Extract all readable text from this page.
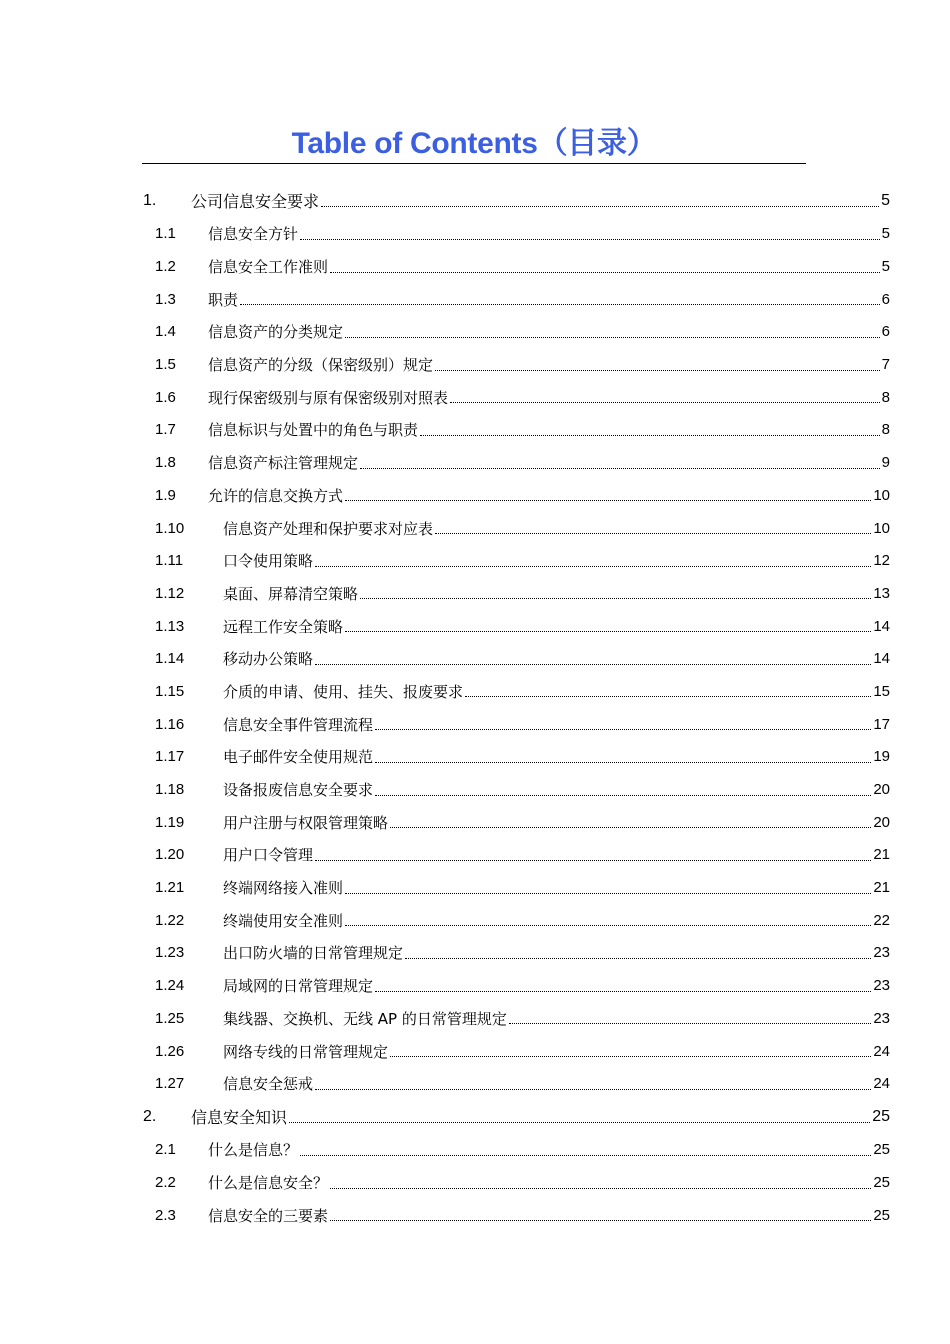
Table of Contents（目录）
1.	公司信息安全要求	5
1.1	信息安全方针	5
1.2	信息安全工作准则	5
1.3	职责	6
1.4	信息资产的分类规定	6
1.5	信息资产的分级（保密级别）规定	7
1.6	现行保密级别与原有保密级别对照表	8
1.7	信息标识与处置中的角色与职责	8
1.8	信息资产标注管理规定	9
1.9	允许的信息交换方式	10
1.10	信息资产处理和保护要求对应表	10
1.11	口令使用策略	12
1.12	桌面、屏幕清空策略	13
1.13	远程工作安全策略	14
1.14	移动办公策略	14
1.15	介质的申请、使用、挂失、报废要求	15
1.16	信息安全事件管理流程	17
1.17	电子邮件安全使用规范	19
1.18	设备报废信息安全要求	20
1.19	用户注册与权限管理策略	20
1.20	用户口令管理	21
1.21	终端网络接入准则	21
1.22	终端使用安全准则	22
1.23	出口防火墙的日常管理规定	23
1.24	局域网的日常管理规定	23
1.25	集线器、交换机、无线 AP 的日常管理规定	23
1.26	网络专线的日常管理规定	24
1.27	信息安全惩戒	24
2.	信息安全知识	25
2.1	什么是信息？	25
2.2	什么是信息安全？	25
2.3	信息安全的三要素	25
